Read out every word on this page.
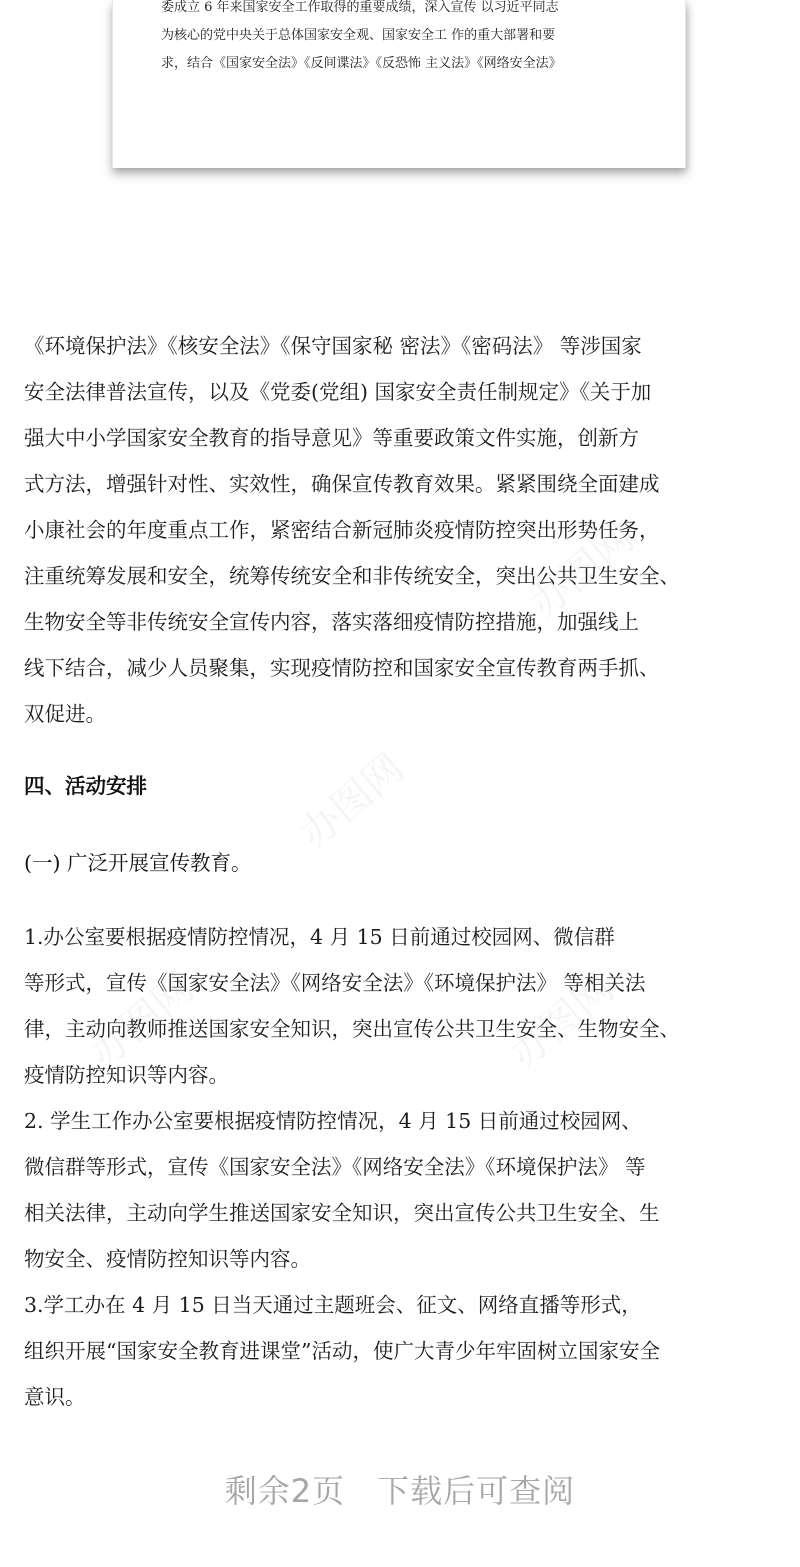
委成立 6 年来国家安全工作取得的重要成绩，深入宣传 以习近平同志
为核心的党中央关于总体国家安全观、国家安全工 作的重大部署和要
求，结合《国家安全法》《反间谍法》《反恐怖 主义法》《网络安全法》
《环境保护法》《核安全法》《保守国家秘 密法》《密码法》 等涉国家
安全法律普法宣传，以及《党委(党组) 国家安全责任制规定》《关于加
强大中小学国家安全教育的指导意见》等重要政策文件实施，创新方
式方法，增强针对性、实效性，确保宣传教育效果。紧紧围绕全面建成
小康社会的年度重点工作，紧密结合新冠肺炎疫情防控突出形势任务，
注重统筹发展和安全，统筹传统安全和非传统安全，突出公共卫生安全、
生物安全等非传统安全宣传内容，落实落细疫情防控措施，加强线上
线下结合，减少人员聚集，实现疫情防控和国家安全宣传教育两手抓、
双促进。
四、活动安排
(一) 广泛开展宣传教育。
1.办公室要根据疫情防控情况，4 月 15 日前通过校园网、微信群
等形式，宣传《国家安全法》《网络安全法》《环境保护法》 等相关法
律，主动向教师推送国家安全知识，突出宣传公共卫生安全、生物安全、
疫情防控知识等内容。
2. 学生工作办公室要根据疫情防控情况，4 月 15 日前通过校园网、
微信群等形式，宣传《国家安全法》《网络安全法》《环境保护法》 等
相关法律，主动向学生推送国家安全知识，突出宣传公共卫生安全、生
物安全、疫情防控知识等内容。
3.学工办在 4 月 15 日当天通过主题班会、征文、网络直播等形式，
组织开展“国家安全教育进课堂”活动，使广大青少年牢固树立国家安全
意识。
剩余2页 下载后可查阅
